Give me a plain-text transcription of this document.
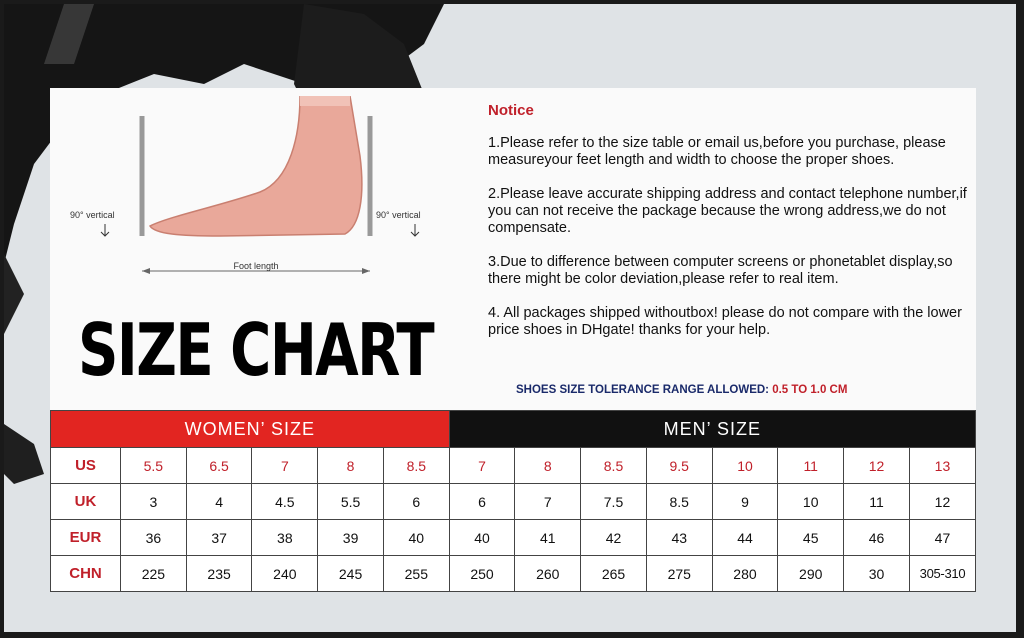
Foot length
90° vertical	90° vertical
SIZE CHART
Notice
1.Please refer to the size table or email us,before you purchase, please measureyour feet length and width to choose the proper shoes.
2.Please leave accurate shipping address and contact telephone number,if you can not receive the package because the wrong address,we do not compensate.
3.Due to difference between computer screens or phonetablet display,so there might be color deviation,please refer to real item.
4. All packages shipped withoutbox! please do not compare with the lower price shoes in DHgate! thanks for your help.
SHOES SIZE TOLERANCE RANGE ALLOWED: 0.5 TO 1.0 CM
WOMEN’ SIZE						MEN’ SIZE							
US	5.5	6.5	7	8	8.5	7	8	8.5	9.5	10	11	12	13
UK	3	4	4.5	5.5	6	6	7	7.5	8.5	9	10	11	12
EUR	36	37	38	39	40	40	41	42	43	44	45	46	47
CHN	225	235	240	245	255	250	260	265	275	280	290	30	305-310
